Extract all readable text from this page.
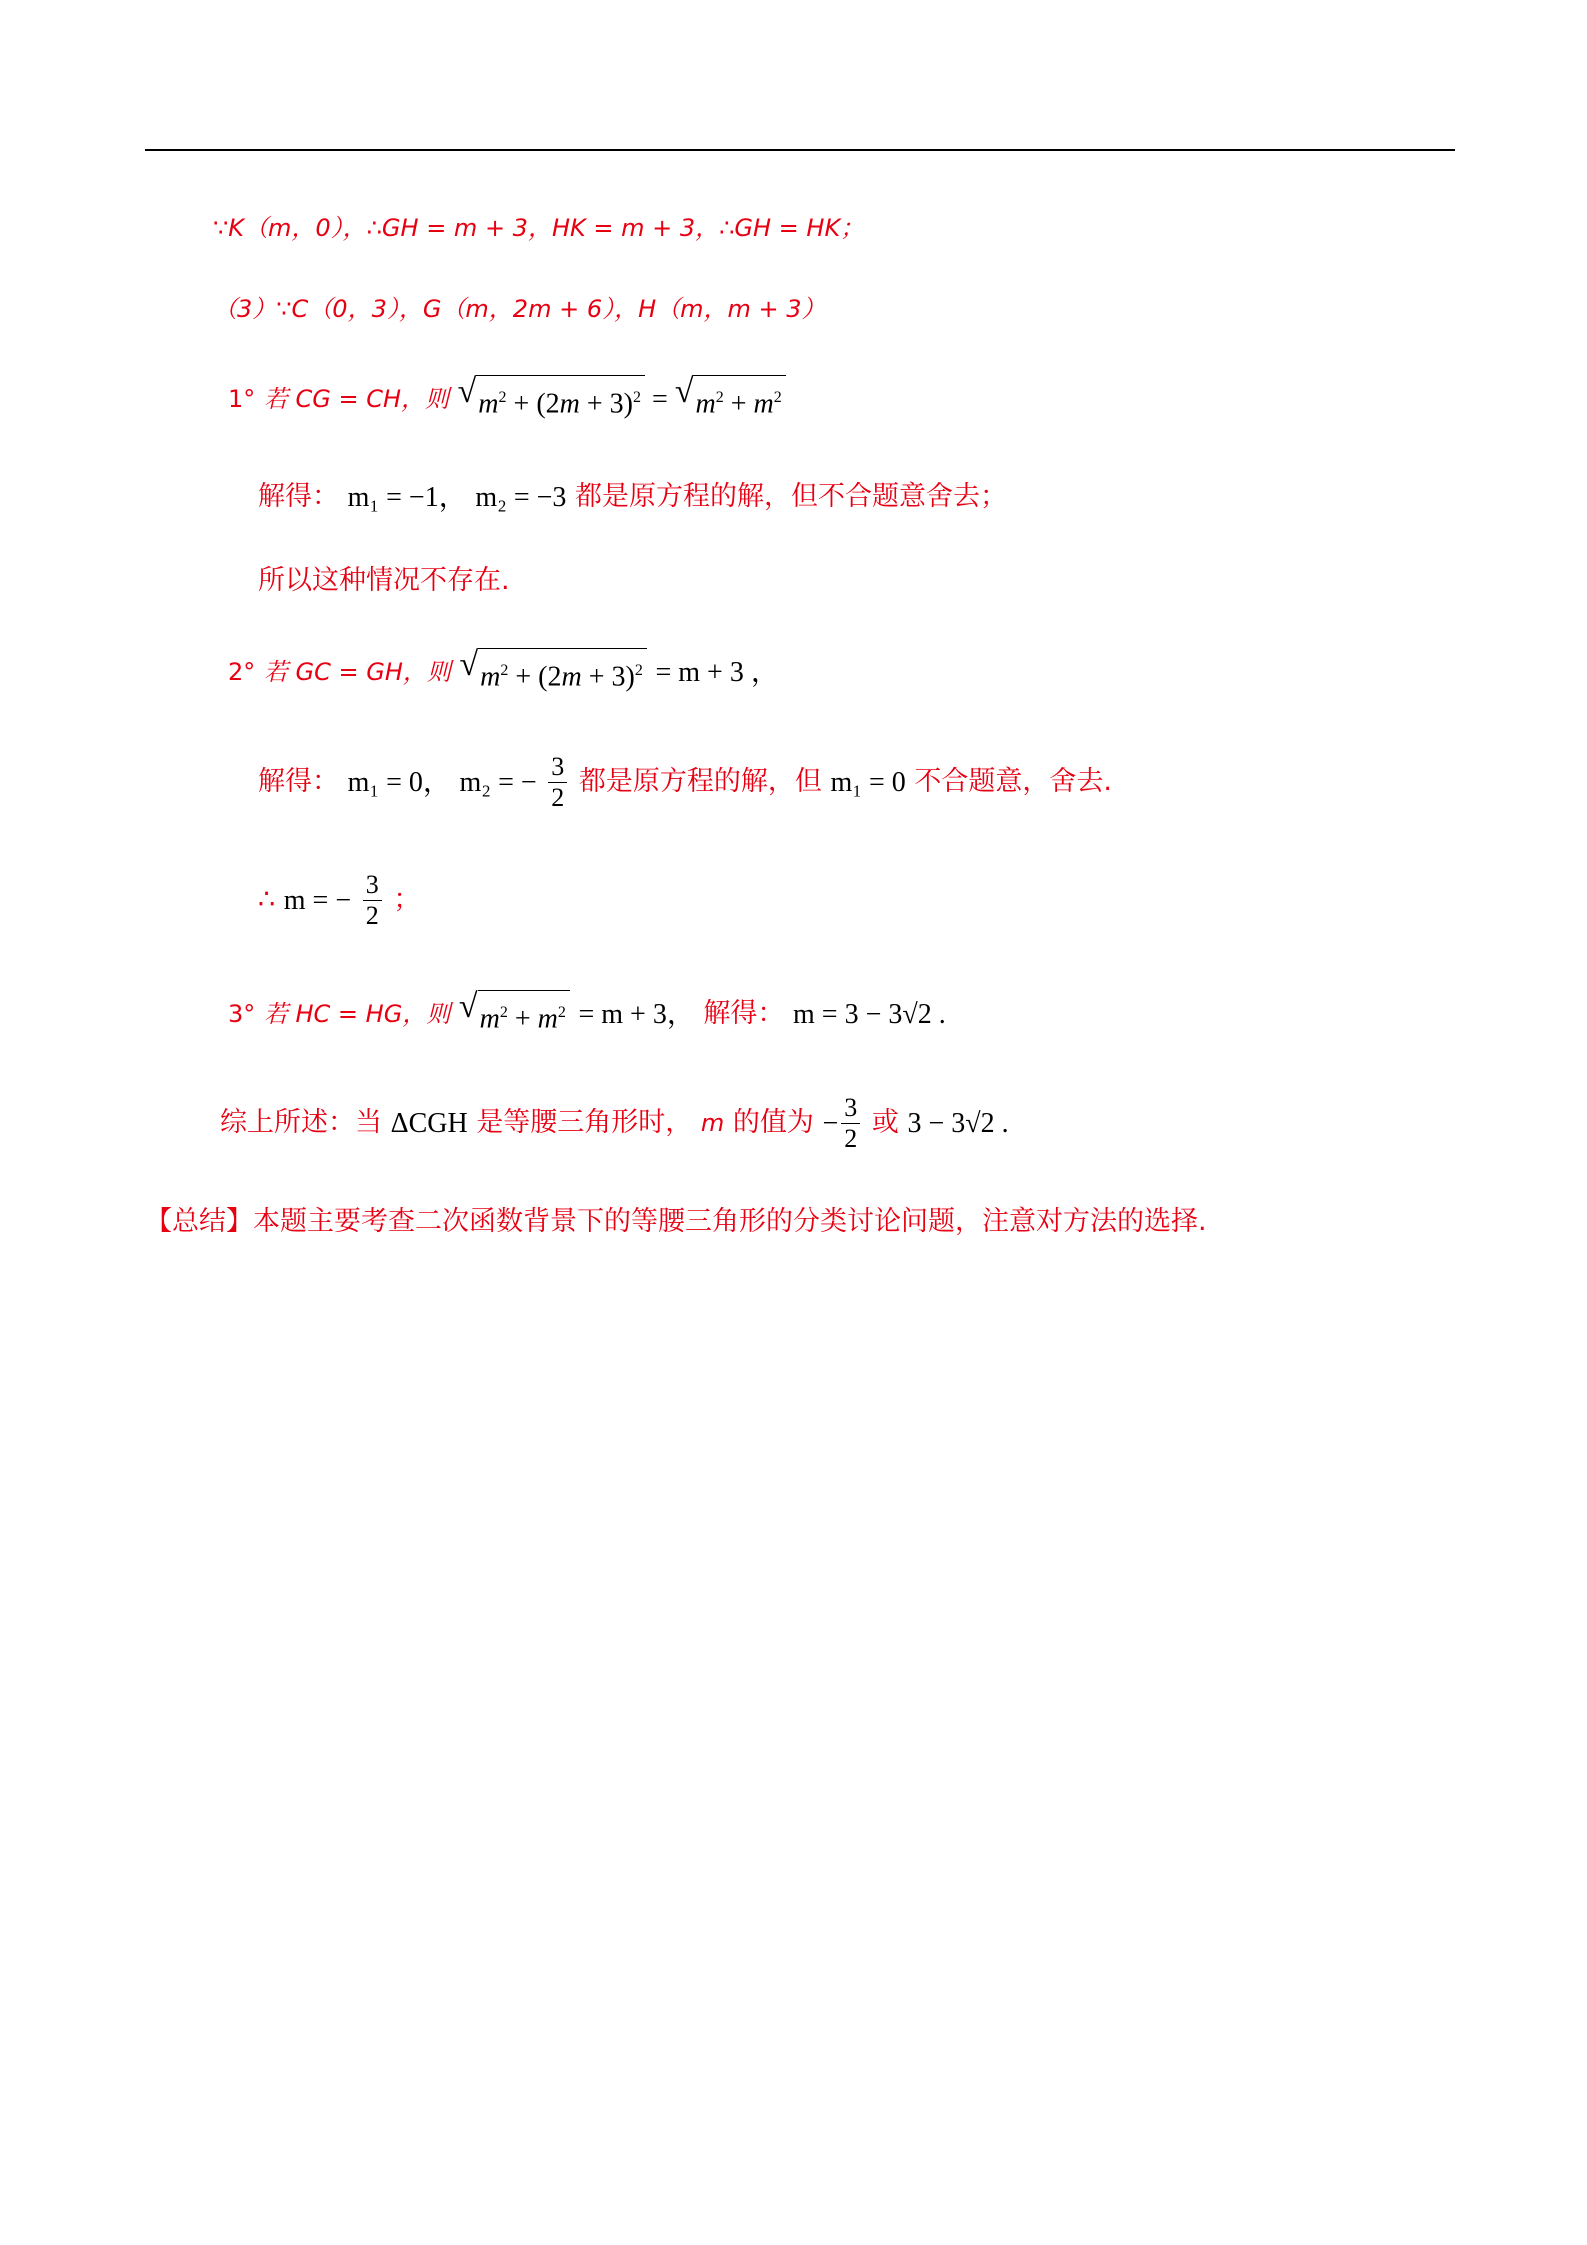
∵K（m，0），∴GH = m + 3，HK = m + 3，∴GH = HK；
（3）∵C（0，3），G（m，2m + 6），H（m，m + 3）
1° 若 CG = CH，则 √ $m^2 + (2m + 3)^2$ = √ $m^2 + m^2$
解得： m₁ = −1， m₂ = −3 都是原方程的解，但不合题意舍去；
所以这种情况不存在.
2° 若 GC = GH，则 √ $m^2 + (2m + 3)^2 = m + 3$ ，
解得： m₁ = 0， m₂ = − $\frac{3}{2}$ 都是原方程的解，但 m₁ = 0 不合题意，舍去.
∴ m = − $\frac{3}{2}$ ；
3° 若 HC = HG，则 √ $m^2 + m^2 = m + 3$， 解得： m = 3 − 3√2 .
综上所述：当 ΔCGH 是等腰三角形时， m 的值为 − $\frac{3}{2}$ 或 3 − 3√2 .
【总结】本题主要考查二次函数背景下的等腰三角形的分类讨论问题，注意对方法的选择.
